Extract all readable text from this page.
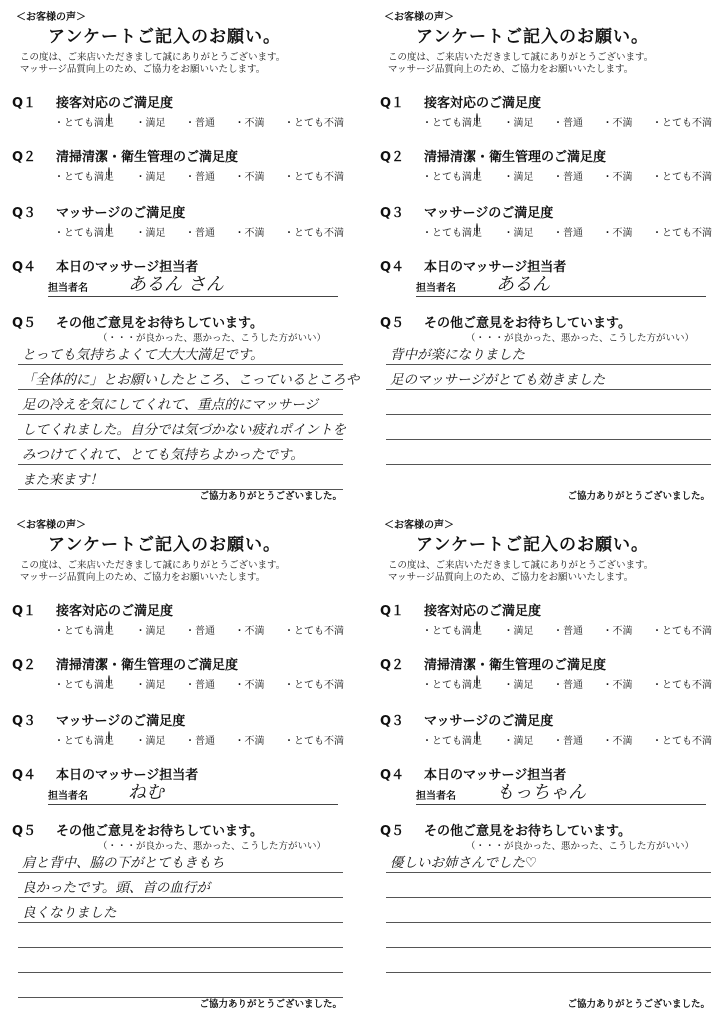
＜お客様の声＞
アンケートご記入のお願い。
この度は、ご来店いただきまして誠にありがとうございます。
マッサージ品質向上のため、ご協力をお願いいたします。
Q１ 接客対応のご満足度
・とても満足 ・満足 ・普通 ・不満 ・とても不満
Q２ 清掃清潔・衛生管理のご満足度
・とても満足 ・満足 ・普通 ・不満 ・とても不満
Q３ マッサージのご満足度
・とても満足 ・満足 ・普通 ・不満 ・とても不満
Q４ 本日のマッサージ担当者
担当者名 あるん さん
Q５ その他ご意見をお待ちしています。
（・・・が良かった、悪かった、こうした方がいい）
とっても気持ちよくて大大大満足です。
「全体的に」とお願いしたところ、こっているところや
足の冷えを気にしてくれて、重点的にマッサージ
してくれました。自分では気づかない疲れポイントを
みつけてくれて、とても気持ちよかったです。
また来ます！
ご協力ありがとうございました。
＜お客様の声＞
アンケートご記入のお願い。
この度は、ご来店いただきまして誠にありがとうございます。
マッサージ品質向上のため、ご協力をお願いいたします。
Q１ 接客対応のご満足度
・とても満足 ・満足 ・普通 ・不満 ・とても不満
Q２ 清掃清潔・衛生管理のご満足度
・とても満足 ・満足 ・普通 ・不満 ・とても不満
Q３ マッサージのご満足度
・とても満足 ・満足 ・普通 ・不満 ・とても不満
Q４ 本日のマッサージ担当者
担当者名 あるん
Q５ その他ご意見をお待ちしています。
（・・・が良かった、悪かった、こうした方がいい）
背中が楽になりました
足のマッサージがとても効きました
ご協力ありがとうございました。
＜お客様の声＞
アンケートご記入のお願い。
この度は、ご来店いただきまして誠にありがとうございます。
マッサージ品質向上のため、ご協力をお願いいたします。
Q１ 接客対応のご満足度
・とても満足 ・満足 ・普通 ・不満 ・とても不満
Q２ 清掃清潔・衛生管理のご満足度
・とても満足 ・満足 ・普通 ・不満 ・とても不満
Q３ マッサージのご満足度
・とても満足 ・満足 ・普通 ・不満 ・とても不満
Q４ 本日のマッサージ担当者
担当者名 ねむ
Q５ その他ご意見をお待ちしています。
（・・・が良かった、悪かった、こうした方がいい）
肩と背中、脇の下がとてもきもち
良かったです。頭、首の血行が
良くなりました
ご協力ありがとうございました。
＜お客様の声＞
アンケートご記入のお願い。
この度は、ご来店いただきまして誠にありがとうございます。
マッサージ品質向上のため、ご協力をお願いいたします。
Q１ 接客対応のご満足度
・とても満足 ・満足 ・普通 ・不満 ・とても不満
Q２ 清掃清潔・衛生管理のご満足度
・とても満足 ・満足 ・普通 ・不満 ・とても不満
Q３ マッサージのご満足度
・とても満足 ・満足 ・普通 ・不満 ・とても不満
Q４ 本日のマッサージ担当者
担当者名 もっちゃん
Q５ その他ご意見をお待ちしています。
（・・・が良かった、悪かった、こうした方がいい）
優しいお姉さんでした♡
ご協力ありがとうございました。
